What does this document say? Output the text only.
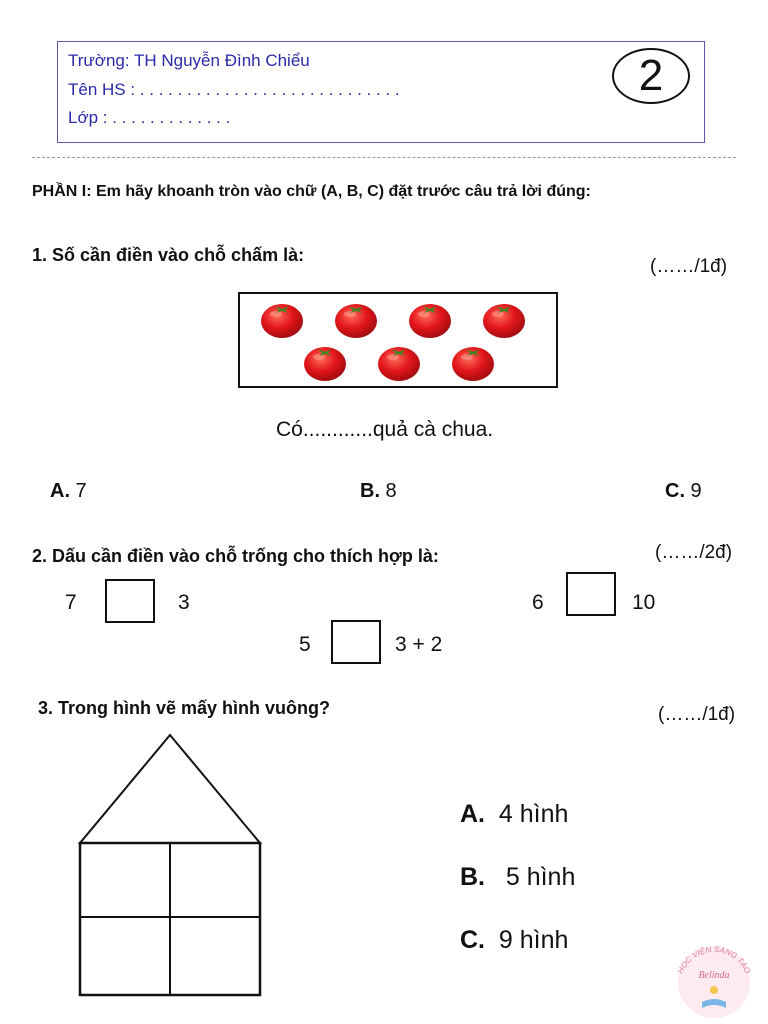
Trường: TH Nguyễn Đình Chiểu
Tên HS : . . . . . . . . . . . . . . . . . . . . . . . . . . . .
Lớp : . . . . . . . . . . . . .
2
PHẦN I: Em hãy khoanh tròn vào chữ (A, B, C) đặt trước câu trả lời đúng:
1. Số cần điền vào chỗ chấm là:
(……/1đ)
Có............quả cà chua.
A. 7	B. 8	C. 9
2. Dấu cần điền vào chỗ trống cho thích hợp là:	(……/2đ)
7	3	6	10
5	3 + 2
3. Trong hình vẽ mấy hình vuông?	(……/1đ)
A. 4 hình
B.   5 hình
C. 9 hình
HỌC VIỆN SÁNG TẠO
Belinda
